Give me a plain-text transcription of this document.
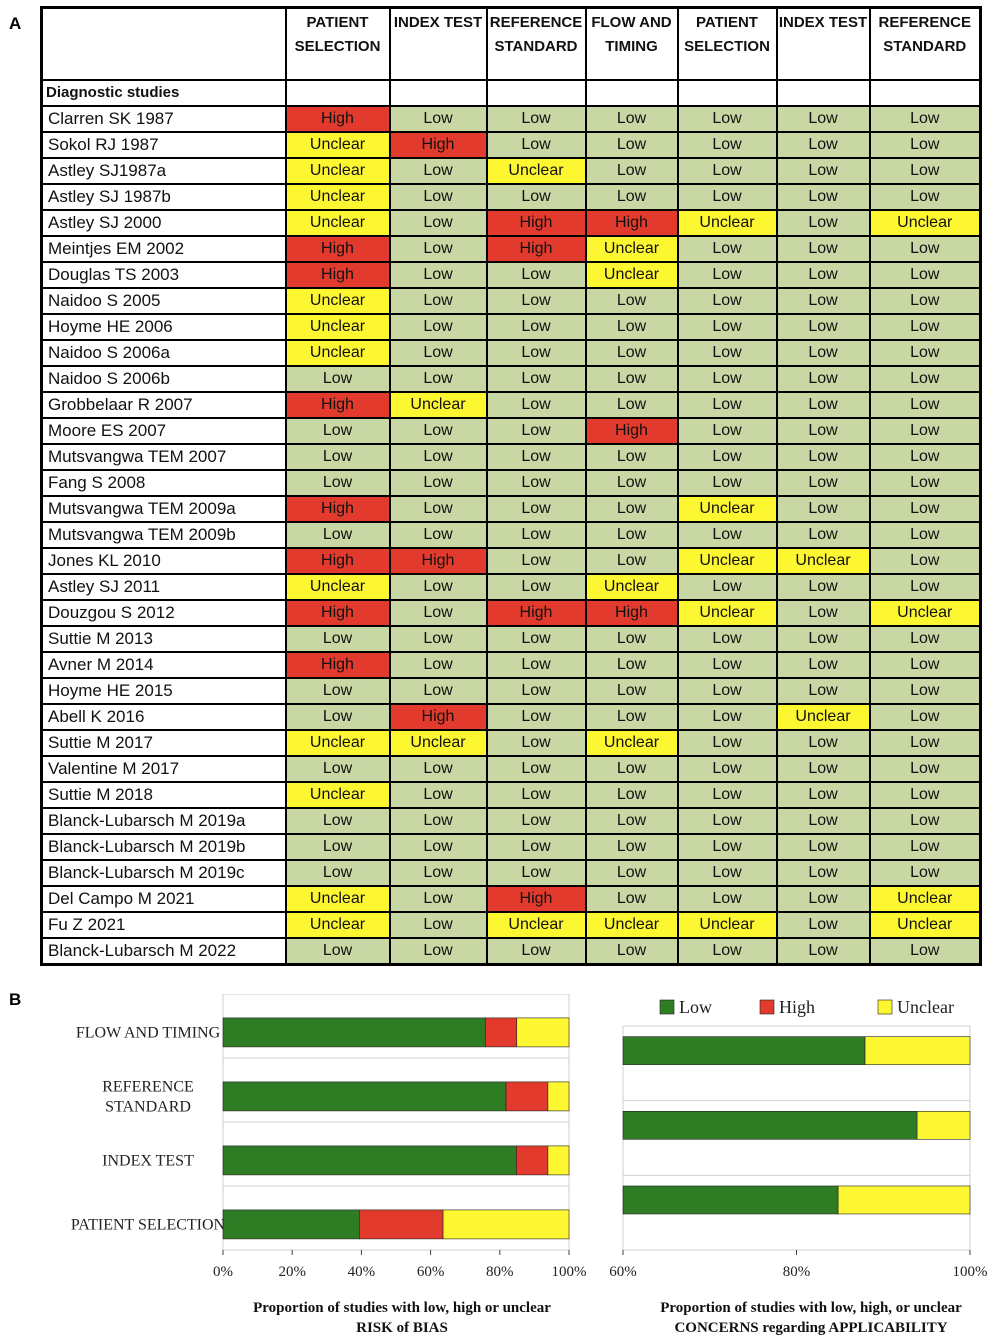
A
B
	PATIENT SELECTION	INDEX TEST	REFERENCE STANDARD	FLOW AND TIMING	PATIENT SELECTION	INDEX TEST	REFERENCE STANDARD
Diagnostic studies							
Clarren SK 1987	High	Low	Low	Low	Low	Low	Low
Sokol RJ 1987	Unclear	High	Low	Low	Low	Low	Low
Astley SJ1987a	Unclear	Low	Unclear	Low	Low	Low	Low
Astley SJ 1987b	Unclear	Low	Low	Low	Low	Low	Low
Astley SJ 2000	Unclear	Low	High	High	Unclear	Low	Unclear
Meintjes EM 2002	High	Low	High	Unclear	Low	Low	Low
Douglas TS 2003	High	Low	Low	Unclear	Low	Low	Low
Naidoo S 2005	Unclear	Low	Low	Low	Low	Low	Low
Hoyme HE 2006	Unclear	Low	Low	Low	Low	Low	Low
Naidoo S 2006a	Unclear	Low	Low	Low	Low	Low	Low
Naidoo S 2006b	Low	Low	Low	Low	Low	Low	Low
Grobbelaar R 2007	High	Unclear	Low	Low	Low	Low	Low
Moore ES 2007	Low	Low	Low	High	Low	Low	Low
Mutsvangwa TEM 2007	Low	Low	Low	Low	Low	Low	Low
Fang S 2008	Low	Low	Low	Low	Low	Low	Low
Mutsvangwa TEM 2009a	High	Low	Low	Low	Unclear	Low	Low
Mutsvangwa TEM 2009b	Low	Low	Low	Low	Low	Low	Low
Jones KL 2010	High	High	Low	Low	Unclear	Unclear	Low
Astley SJ 2011	Unclear	Low	Low	Unclear	Low	Low	Low
Douzgou S 2012	High	Low	High	High	Unclear	Low	Unclear
Suttie M 2013	Low	Low	Low	Low	Low	Low	Low
Avner M 2014	High	Low	Low	Low	Low	Low	Low
Hoyme HE 2015	Low	Low	Low	Low	Low	Low	Low
Abell K 2016	Low	High	Low	Low	Low	Unclear	Low
Suttie M 2017	Unclear	Unclear	Low	Unclear	Low	Low	Low
Valentine M 2017	Low	Low	Low	Low	Low	Low	Low
Suttie M 2018	Unclear	Low	Low	Low	Low	Low	Low
Blanck-Lubarsch M 2019a	Low	Low	Low	Low	Low	Low	Low
Blanck-Lubarsch M 2019b	Low	Low	Low	Low	Low	Low	Low
Blanck-Lubarsch M 2019c	Low	Low	Low	Low	Low	Low	Low
Del Campo M 2021	Unclear	Low	High	Low	Low	Low	Unclear
Fu Z 2021	Unclear	Low	Unclear	Unclear	Unclear	Low	Unclear
Blanck-Lubarsch M 2022	Low	Low	Low	Low	Low	Low	Low
FLOW AND TIMING
REFERENCE STANDARD
INDEX TEST
PATIENT SELECTION
0%	20%	40%	60%	80%	100%
Proportion of studies with low, high or unclear
RISK of BIAS
Low	High	Unclear
60%	80%	100%
Proportion of studies with low, high, or unclear
CONCERNS regarding APPLICABILITY
